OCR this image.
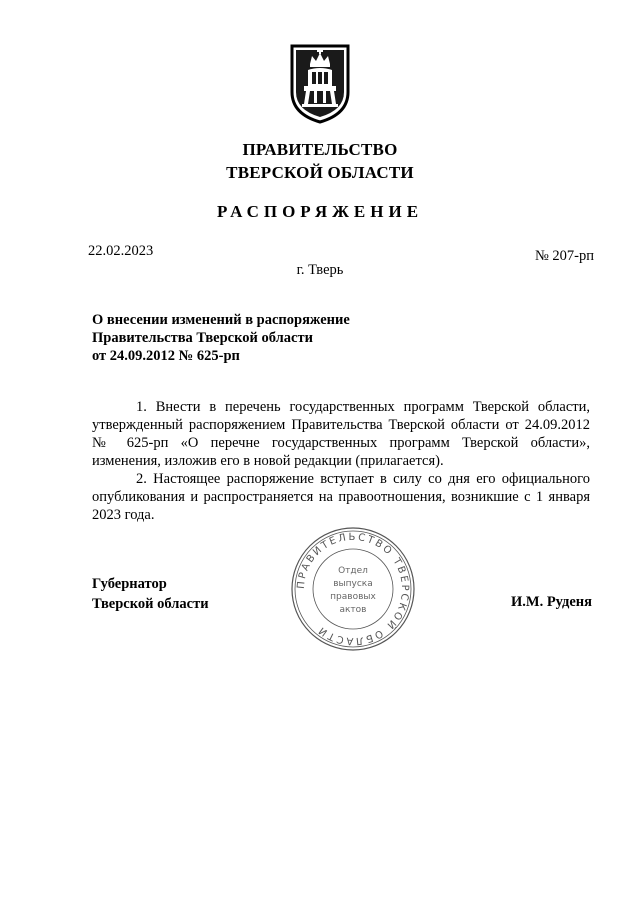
ПРАВИТЕЛЬСТВО
ТВЕРСКОЙ ОБЛАСТИ
РАСПОРЯЖЕНИЕ
22.02.2023	№ 207-рп
г. Тверь
О внесении изменений в распоряжение
Правительства Тверской области
от 24.09.2012 № 625-рп
1. Внести в перечень государственных программ Тверской области, утвержденный распоряжением Правительства Тверской области от 24.09.2012 № 625-рп «О перечне государственных программ Тверской области», изменения, изложив его в новой редакции (прилагается).
2. Настоящее распоряжение вступает в силу со дня его официального опубликования и распространяется на правоотношения, возникшие с 1 января 2023 года.
ПРАВИТЕЛЬСТВО ТВЕРСКОЙ ОБЛАСТИ
Отдел
выпуска
правовых
актов
Губернатор
Тверской области	И.М. Руденя
